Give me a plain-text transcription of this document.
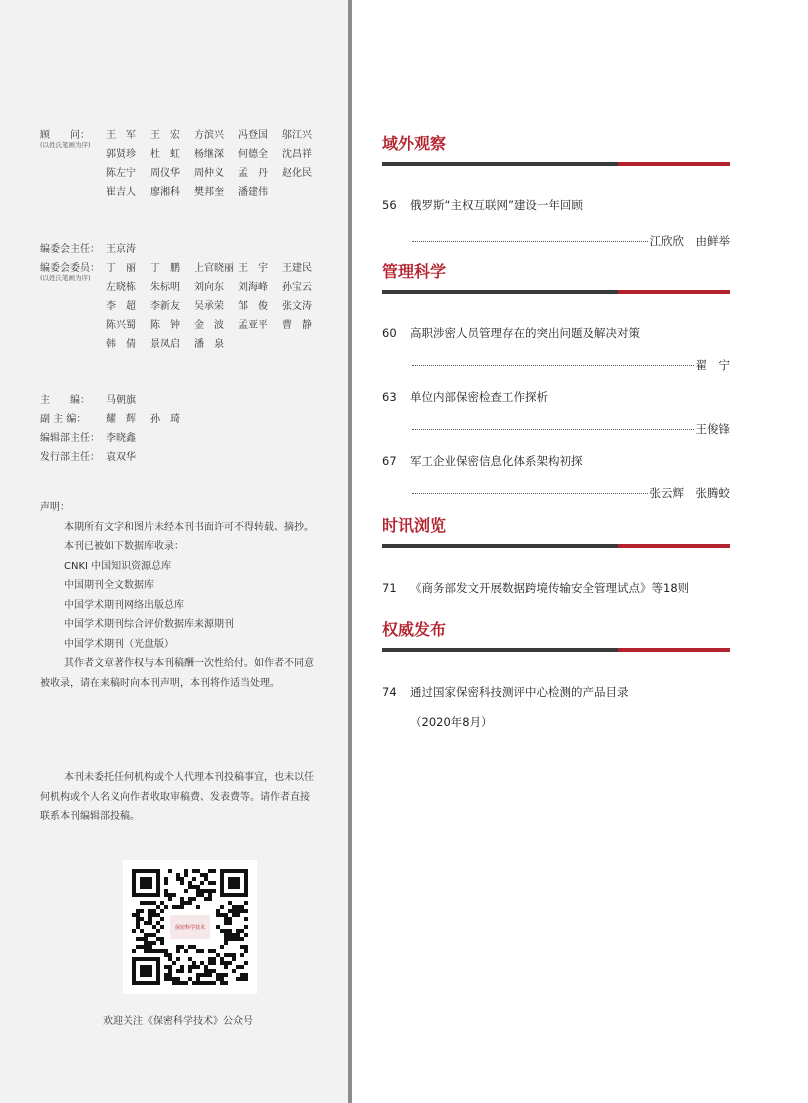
顾　　问：
(以姓氏笔画为序)
王　军	王　宏	方滨兴	冯登国	邬江兴
郭贤珍	杜　虹	杨继深	何德全	沈昌祥
陈左宁	周仪华	周仲义	孟　丹	赵化民
崔吉人	廖湘科	樊邦奎	潘建伟
编委会主任： 王京涛
编委会委员：
(以姓氏笔画为序)
丁　丽	丁　鹏	上官晓丽 王　宇	王建民
左晓栋	朱标明	刘向东	刘海峰	孙宝云
李　超	李新友	吴承荣	邹　俊	张文涛
陈兴蜀	陈　钟	金　波	孟亚平	曹　静
韩　倩	景凤启	潘　泉
主　　编：	马朝旗
副 主 编：	耀　辉	孙　琦
编辑部主任： 李晓鑫
发行部主任： 袁双华

声明：

本期所有文字和图片未经本刊书面许可不得转载、摘抄。

本刊已被如下数据库收录：

CNKI 中国知识资源总库

中国期刊全文数据库

中国学术期刊网络出版总库

中国学术期刊综合评价数据库来源期刊

中国学术期刊（光盘版）

其作者文章著作权与本刊稿酬一次性给付。如作者不同意被收录，请在来稿时向本刊声明，本刊将作适当处理。

本刊未委托任何机构或个人代理本刊投稿事宜，也未以任何机构或个人名义向作者收取审稿费、发表费等。请作者直接联系本刊编辑部投稿。

保密科学技术
欢迎关注《保密科学技术》公众号
域外观察
56 俄罗斯“主权互联网”建设一年回顾
江欣欣　由鲜举
管理科学
60 高职涉密人员管理存在的突出问题及解决对策
翟　宁
63 单位内部保密检查工作探析
王俊锋
67 军工企业保密信息化体系架构初探
张云辉　张腾蛟
时讯浏览
71 《商务部发文开展数据跨境传输安全管理试点》等18则
权威发布
74 通过国家保密科技测评中心检测的产品目录
（2020年8月）
